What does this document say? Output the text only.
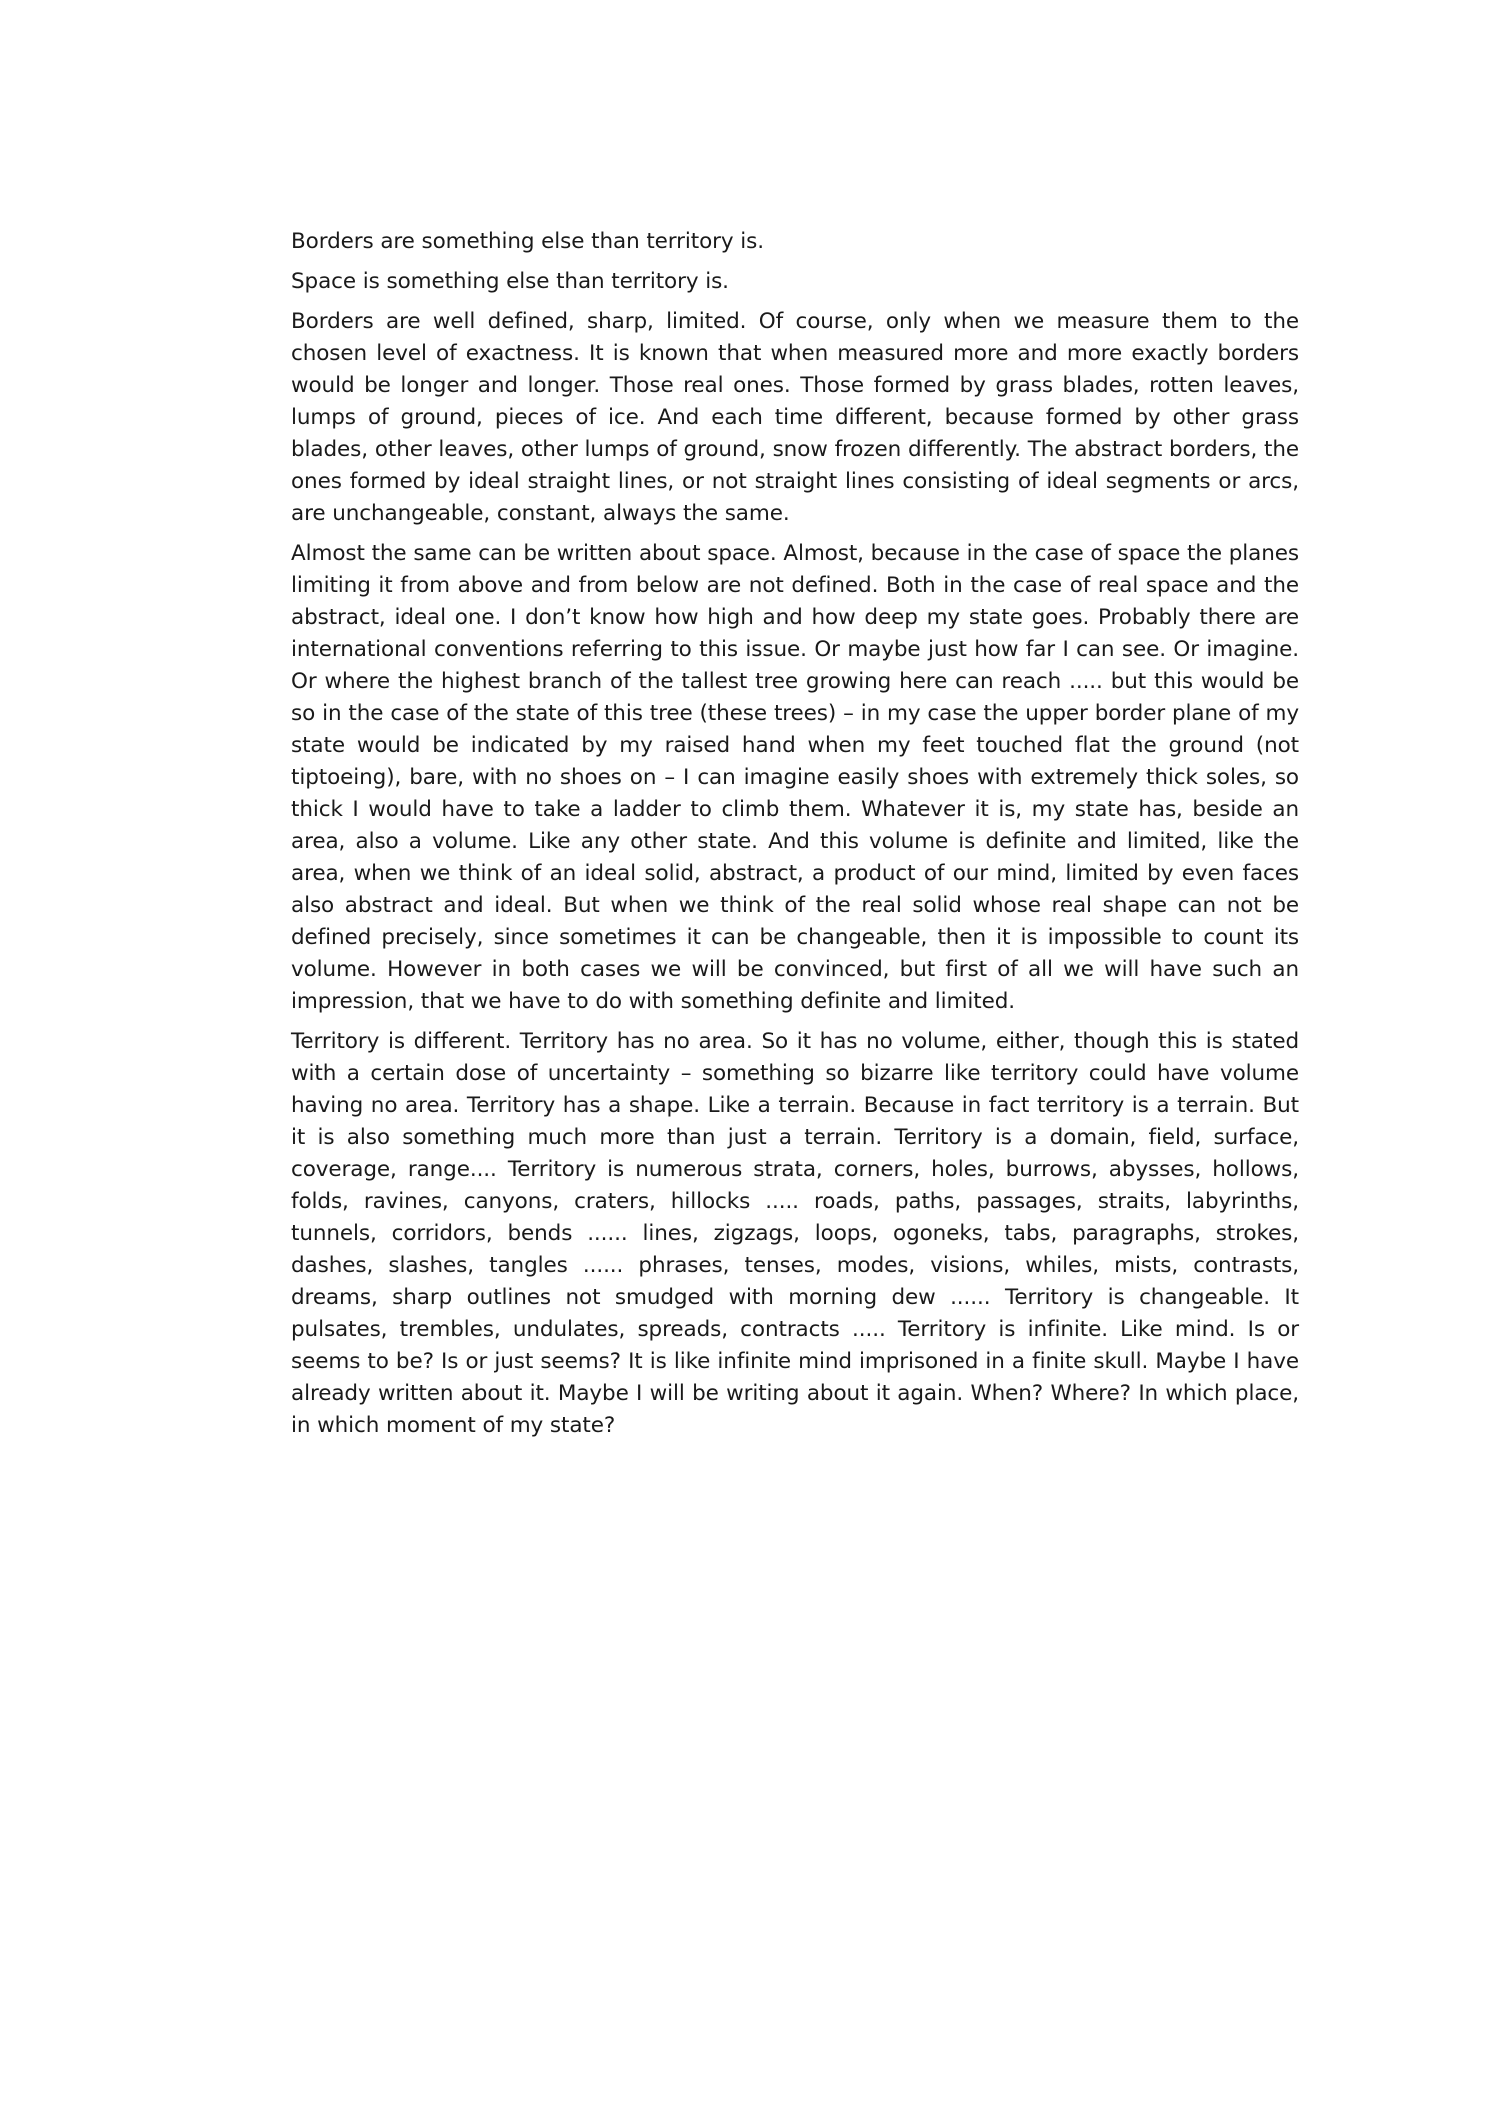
Borders are something else than territory is.

Space is something else than territory is.

Borders are well defined, sharp, limited. Of course, only when we measure them to the chosen level of exactness. It is known that when measured more and more exactly borders would be longer and longer. Those real ones. Those formed by grass blades, rotten leaves, lumps of ground, pieces of ice. And each time different, because formed by other grass blades, other leaves, other lumps of ground, snow frozen differently. The abstract borders, the ones formed by ideal straight lines, or not straight lines consisting of ideal segments or arcs, are unchangeable, constant, always the same.

Almost the same can be written about space. Almost, because in the case of space the planes limiting it from above and from below are not defined. Both in the case of real space and the abstract, ideal one. I don’t know how high and how deep my state goes. Probably there are international conventions referring to this issue. Or maybe just how far I can see. Or imagine. Or where the highest branch of the tallest tree growing here can reach ..... but this would be so in the case of the state of this tree (these trees) – in my case the upper border plane of my state would be indicated by my raised hand when my feet touched flat the ground (not tiptoeing), bare, with no shoes on – I can imagine easily shoes with extremely thick soles, so thick I would have to take a ladder to climb them. Whatever it is, my state has, beside an area, also a volume. Like any other state. And this volume is definite and limited, like the area, when we think of an ideal solid, abstract, a product of our mind, limited by even faces also abstract and ideal. But when we think of the real solid whose real shape can not be defined precisely, since sometimes it can be changeable, then it is impossible to count its volume. However in both cases we will be convinced, but first of all we will have such an impression, that we have to do with something definite and limited.

Territory is different. Territory has no area. So it has no volume, either, though this is stated with a certain dose of uncertainty – something so bizarre like territory could have volume having no area. Territory has a shape. Like a terrain. Because in fact territory is a terrain. But it is also something much more than just a terrain. Territory is a domain, field, surface, coverage, range.... Territory is numerous strata, corners, holes, burrows, abysses, hollows, folds, ravines, canyons, craters, hillocks ..... roads, paths, passages, straits, labyrinths, tunnels, corridors, bends ...... lines, zigzags, loops, ogoneks, tabs, paragraphs, strokes, dashes, slashes, tangles ...... phrases, tenses, modes, visions, whiles, mists, contrasts, dreams, sharp outlines not smudged with morning dew ...... Territory is changeable. It pulsates, trembles, undulates, spreads, contracts ..... Territory is infinite. Like mind. Is or seems to be? Is or just seems? It is like infinite mind imprisoned in a finite skull. Maybe I have already written about it. Maybe I will be writing about it again. When? Where? In which place, in which moment of my state?
